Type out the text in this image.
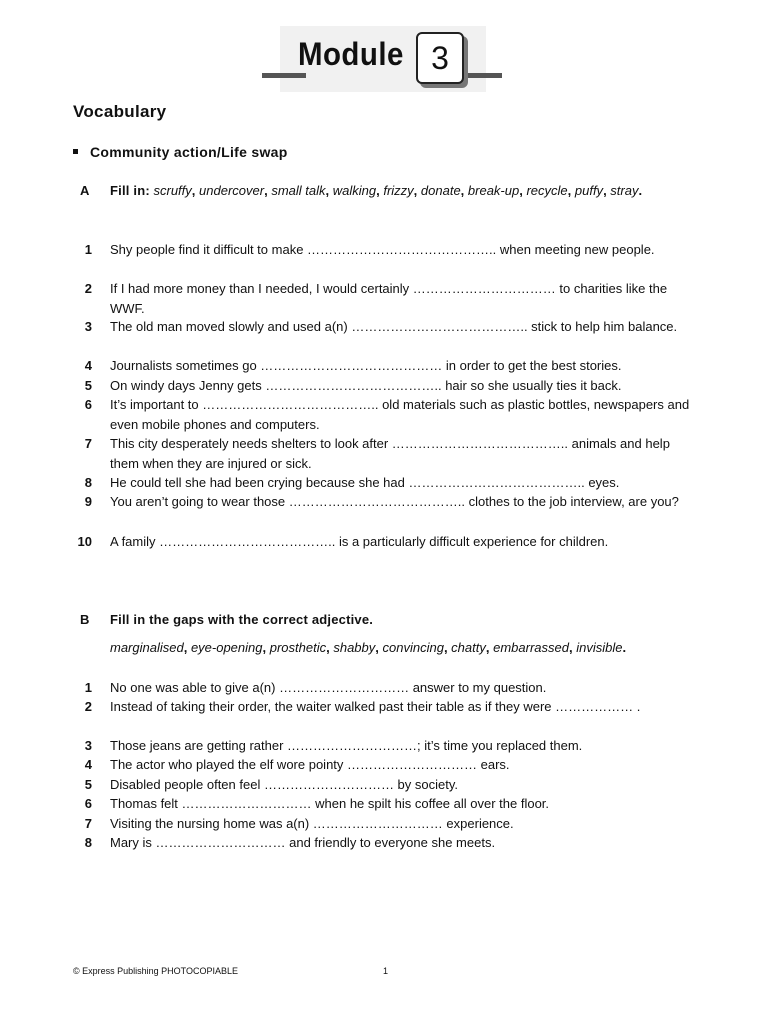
Module 3
Vocabulary
Community action/Life swap
A Fill in: scruffy, undercover, small talk, walking, frizzy, donate, break-up, recycle, puffy, stray.
1 Shy people find it difficult to make …………………………………….. when meeting new people.
2 If I had more money than I needed, I would certainly …………………………… to charities like the WWF.
3 The old man moved slowly and used a(n) ………………………………….. stick to help him balance.
4 Journalists sometimes go …………………………………… in order to get the best stories.
5 On windy days Jenny gets ………………………………….. hair so she usually ties it back.
6 It’s important to ………………………………….. old materials such as plastic bottles, newspapers and even mobile phones and computers.
7 This city desperately needs shelters to look after ………………………………….. animals and help them when they are injured or sick.
8 He could tell she had been crying because she had ………………………………….. eyes.
9 You aren’t going to wear those ………………………………….. clothes to the job interview, are you?
10 A family ………………………………….. is a particularly difficult experience for children.
B Fill in the gaps with the correct adjective.
marginalised, eye-opening, prosthetic, shabby, convincing, chatty, embarrassed, invisible.
1 No one was able to give a(n) ………………………… answer to my question.
2 Instead of taking their order, the waiter walked past their table as if they were ……………… .
3 Those jeans are getting rather …………………………; it’s time you replaced them.
4 The actor who played the elf wore pointy ………………………… ears.
5 Disabled people often feel ………………………… by society.
6 Thomas felt ………………………… when he spilt his coffee all over the floor.
7 Visiting the nursing home was a(n) ………………………… experience.
8 Mary is ………………………… and friendly to everyone she meets.
© Express Publishing PHOTOCOPIABLE	1
